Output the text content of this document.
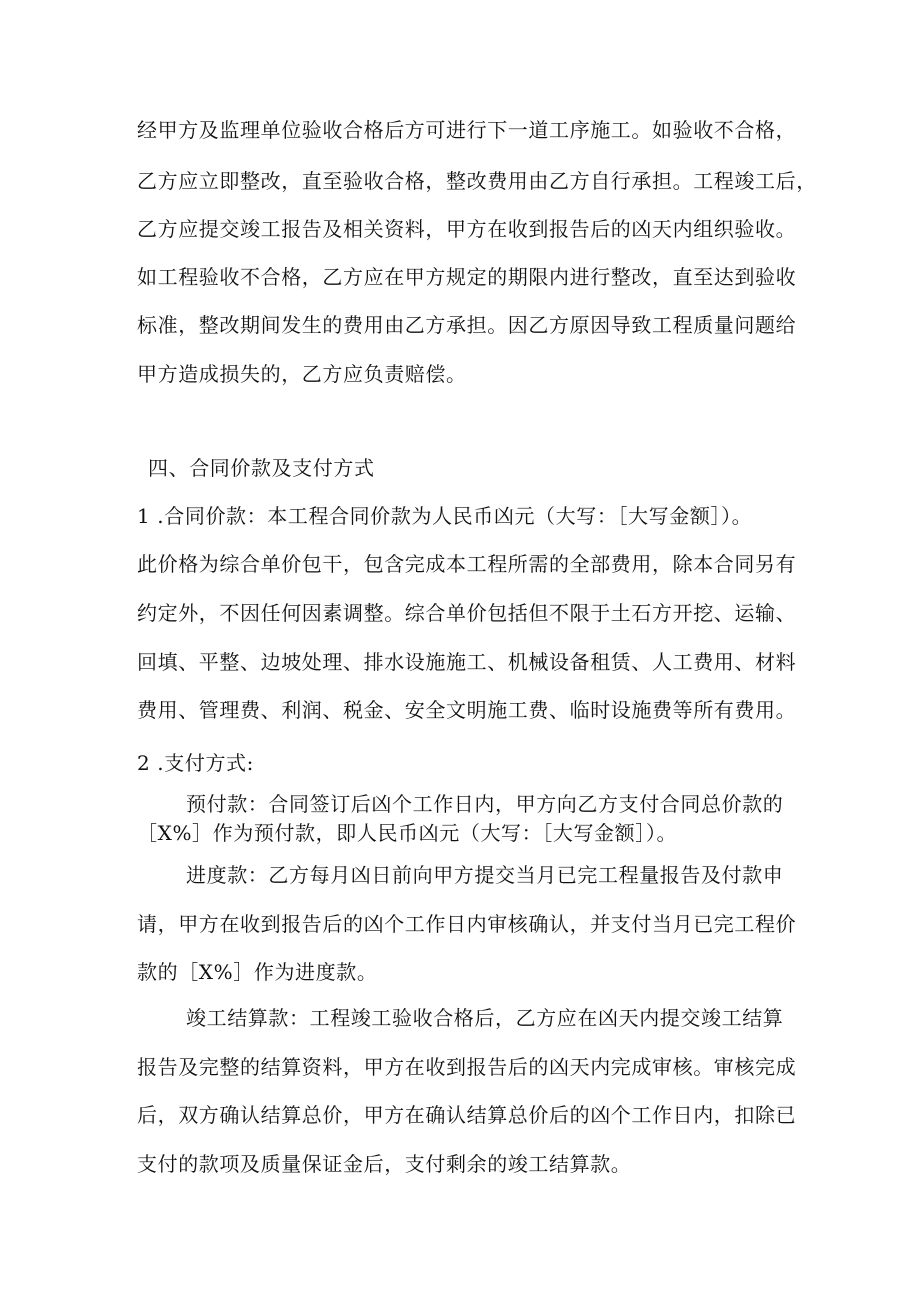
经甲方及监理单位验收合格后方可进行下一道工序施工。如验收不合格，
乙方应立即整改，直至验收合格，整改费用由乙方自行承担。工程竣工后，
乙方应提交竣工报告及相关资料，甲方在收到报告后的凶天内组织验收。
如工程验收不合格，乙方应在甲方规定的期限内进行整改，直至达到验收
标准，整改期间发生的费用由乙方承担。因乙方原因导致工程质量问题给
甲方造成损失的，乙方应负责赔偿。
四、合同价款及支付方式
1 .合同价款：本工程合同价款为人民币凶元（大写：［大写金额］）。
此价格为综合单价包干，包含完成本工程所需的全部费用，除本合同另有
约定外，不因任何因素调整。综合单价包括但不限于土石方开挖、运输、
回填、平整、边坡处理、排水设施施工、机械设备租赁、人工费用、材料
费用、管理费、利润、税金、安全文明施工费、临时设施费等所有费用。
2 .支付方式:
预付款：合同签订后凶个工作日内，甲方向乙方支付合同总价款的
［X%］作为预付款，即人民币凶元（大写：［大写金额］）。
进度款：乙方每月凶日前向甲方提交当月已完工程量报告及付款申
请，甲方在收到报告后的凶个工作日内审核确认，并支付当月已完工程价
款的［X%］作为进度款。
竣工结算款：工程竣工验收合格后，乙方应在凶天内提交竣工结算
报告及完整的结算资料，甲方在收到报告后的凶天内完成审核。审核完成
后，双方确认结算总价，甲方在确认结算总价后的凶个工作日内，扣除已
支付的款项及质量保证金后，支付剩余的竣工结算款。
